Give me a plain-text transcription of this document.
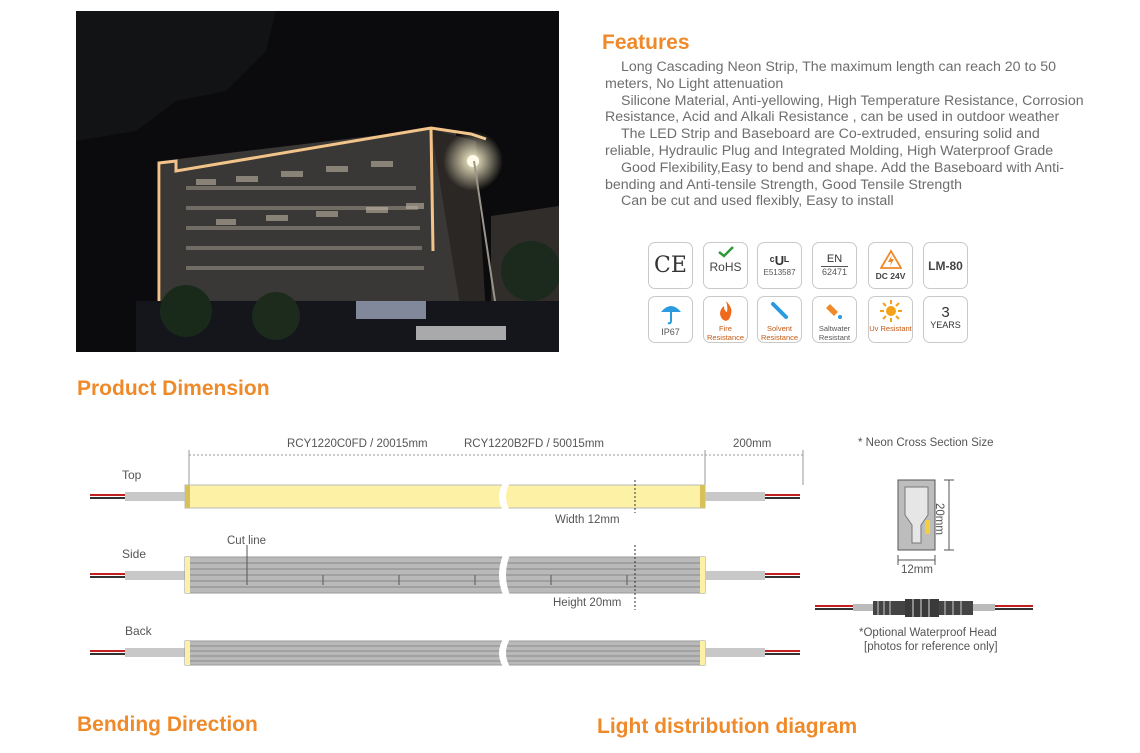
Features

Long Cascading Neon Strip, The maximum length can reach 20 to 50 meters, No Light attenuation

Silicone Material, Anti-yellowing, High Temperature Resistance, Corrosion Resistance, Acid and Alkali Resistance , can be used in outdoor weather

The LED Strip and Baseboard are Co-extruded, ensuring solid and reliable, Hydraulic Plug and Integrated Molding, High Waterproof Grade

Good Flexibility,Easy to bend and shape. Add the Baseboard with Anti-bending and Anti-tensile Strength, Good Tensile Strength

Can be cut and used flexibly, Easy to install

CE	RoHS	ᶜUᴸ
E513587
EN
62471	DC 24V
LM-80
IP67	Fire Resistance
Solvent Resistance
Saltwater Resistant
Uv Resistant
3
YEARS
Product Dimension
RCY1220C0FD / 20015mm	RCY1220B2FD / 50015mm	200mm
Top
Side
Back
Cut line
Width 12mm
Height 20mm
* Neon Cross Section Size
20mm
12mm
*Optional Waterproof Head
[photos for reference only]
Bending Direction	Light distribution diagram
